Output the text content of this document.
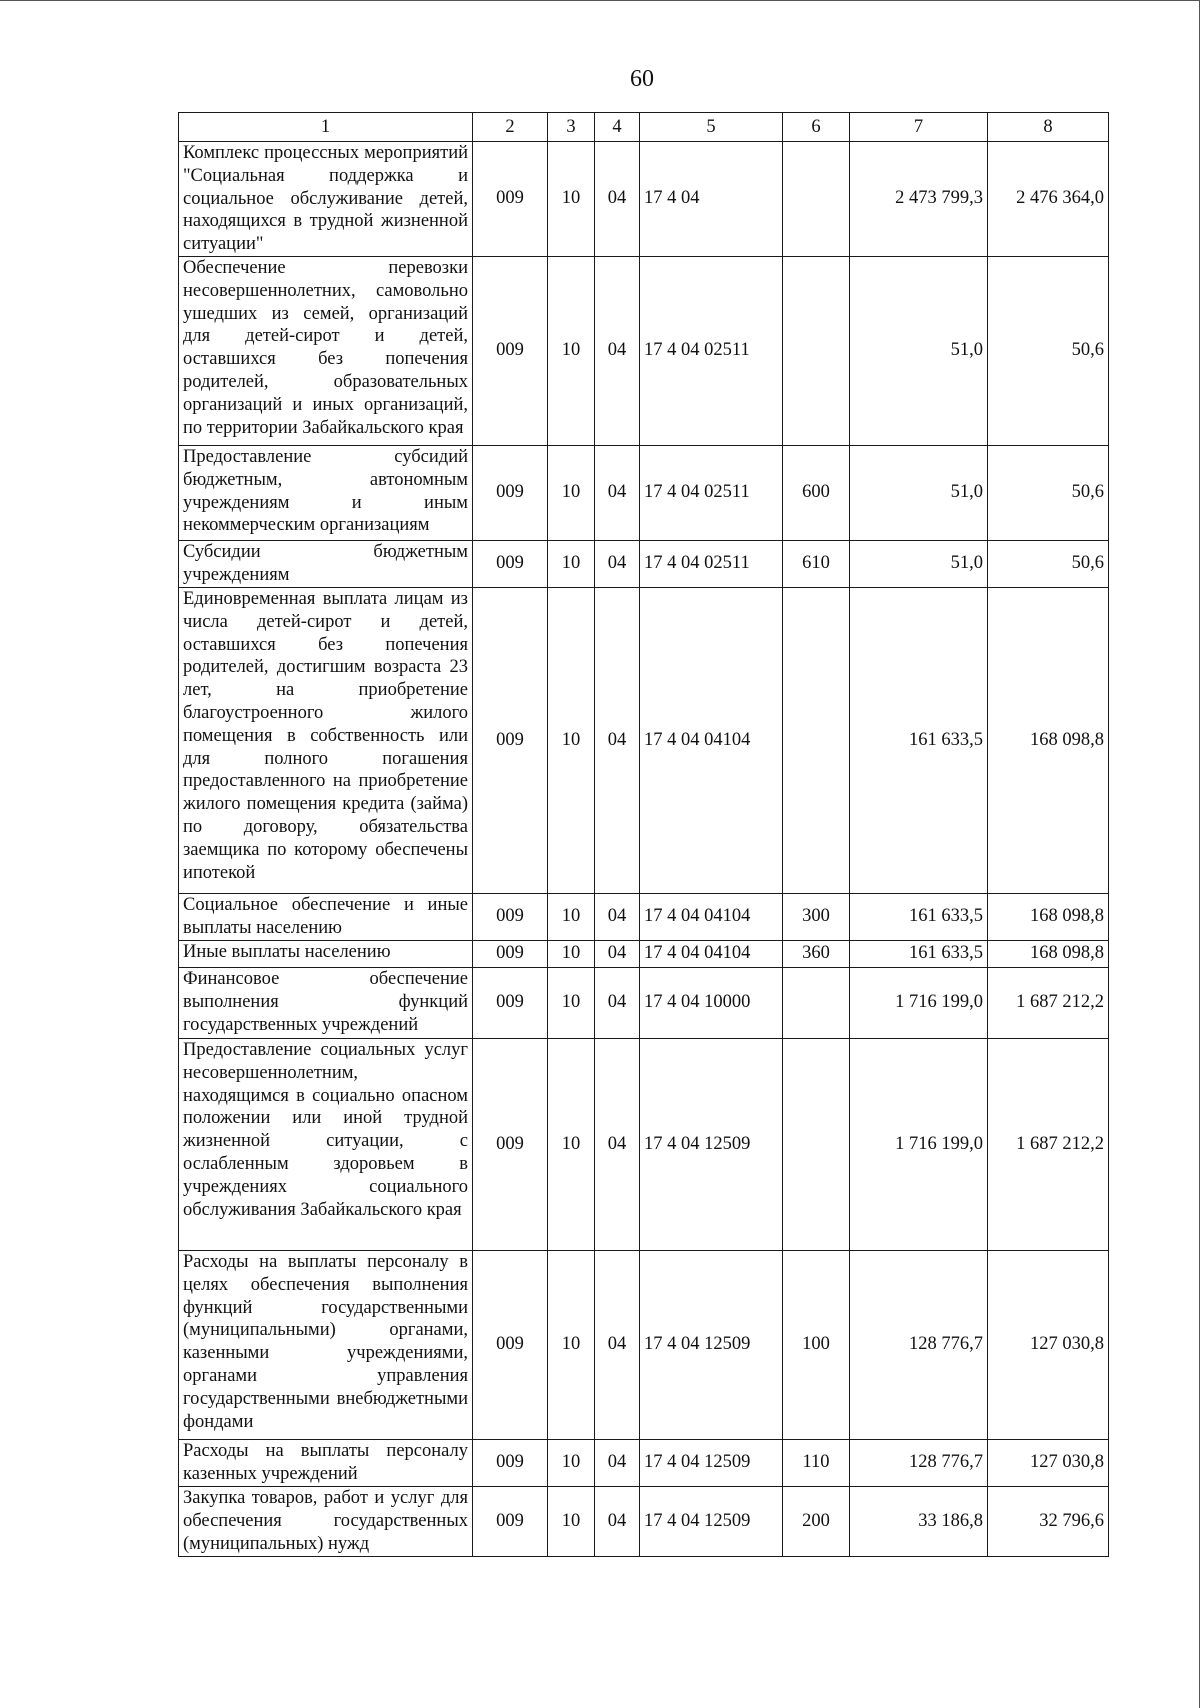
60
1	2	3	4	5	6	7	8
Комплекс процессных мероприятий "Социальная поддержка и социальное обслуживание детей, находящихся в трудной жизненной ситуации"	009	10	04	17 4 04		2 473 799,3	2 476 364,0
Обеспечение перевозки несовершеннолетних, самовольно ушедших из семей, организаций для детей-сирот и детей, оставшихся без попечения родителей, образовательных организаций и иных организаций, по территории Забайкальского края	009	10	04	17 4 04 02511		51,0	50,6
Предоставление субсидий бюджетным, автономным учреждениям и иным некоммерческим организациям	009	10	04	17 4 04 02511	600	51,0	50,6
Субсидии бюджетным учреждениям	009	10	04	17 4 04 02511	610	51,0	50,6
Единовременная выплата лицам из числа детей-сирот и детей, оставшихся без попечения родителей, достигшим возраста 23 лет, на приобретение благоустроенного жилого помещения в собственность или для полного погашения предоставленного на приобретение жилого помещения кредита (займа) по договору, обязательства заемщика по которому обеспечены ипотекой	009	10	04	17 4 04 04104		161 633,5	168 098,8
Социальное обеспечение и иные выплаты населению	009	10	04	17 4 04 04104	300	161 633,5	168 098,8
Иные выплаты населению	009	10	04	17 4 04 04104	360	161 633,5	168 098,8
Финансовое обеспечение выполнения функций государственных учреждений	009	10	04	17 4 04 10000		1 716 199,0	1 687 212,2
Предоставление социальных услуг несовершеннолетним, находящимся в социально опасном положении или иной трудной жизненной ситуации, с ослабленным здоровьем в учреждениях социального обслуживания Забайкальского края	009	10	04	17 4 04 12509		1 716 199,0	1 687 212,2
Расходы на выплаты персоналу в целях обеспечения выполнения функций государственными (муниципальными) органами, казенными учреждениями, органами управления государственными внебюджетными фондами	009	10	04	17 4 04 12509	100	128 776,7	127 030,8
Расходы на выплаты персоналу казенных учреждений	009	10	04	17 4 04 12509	110	128 776,7	127 030,8
Закупка товаров, работ и услуг для обеспечения государственных (муниципальных) нужд	009	10	04	17 4 04 12509	200	33 186,8	32 796,6
